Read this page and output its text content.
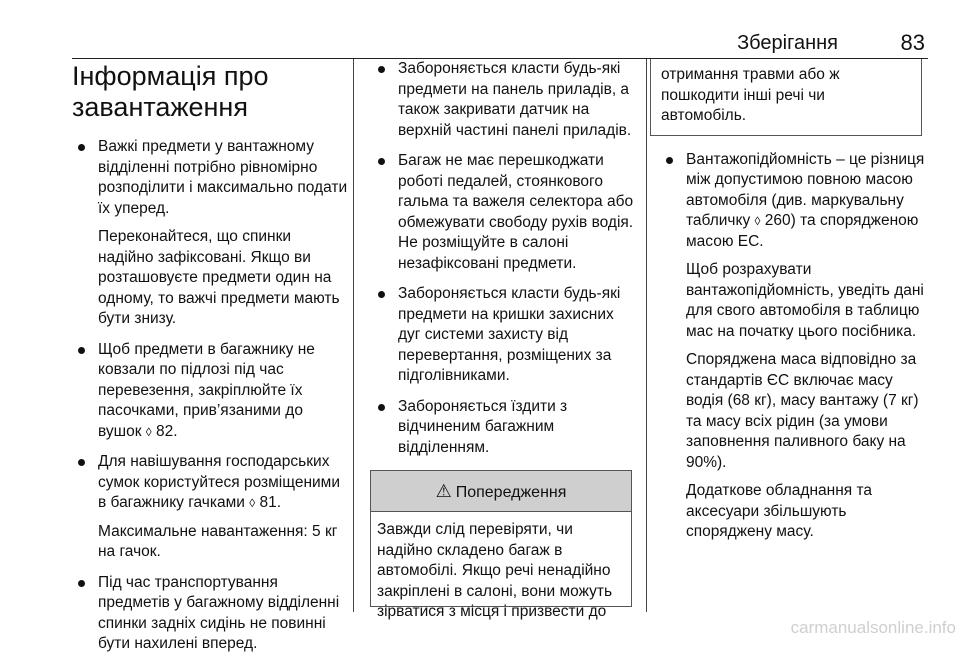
Зберігання	83
Інформація про завантаження

Важкі предмети у вантажному відділенні потрібно рівномірно розподілити і максимально подати їх уперед.

Переконайтеся, що спинки надійно зафіксовані. Якщо ви розташовуєте предмети один на одному, то важчі предмети мають бути знизу.

Щоб предмети в багажнику не ковзали по підлозі під час перевезення, закріплюйте їх пасочками, прив’язаними до вушок ◊ 82.

Для навішування господарських сумок користуйтеся розміщеними в багажнику гачками ◊ 81.

Максимальне навантаження: 5 кг на гачок.

Під час транспортування предметів у багажному відділенні спинки задніх сидінь не повинні бути нахилені вперед.

Забороняється класти будь-які предмети на панель приладів, а також закривати датчик на верхній частині панелі приладів.

Багаж не має перешкоджати роботі педалей, стоянкового гальма та важеля селектора або обмежувати свободу рухів водія. Не розміщуйте в салоні незафіксовані предмети.

Забороняється класти будь-які предмети на кришки захисних дуг системи захисту від перевертання, розміщених за підголівниками.

Забороняється їздити з відчиненим багажним відділенням.

⚠ Попередження
Завжди слід перевіряти, чи надійно складено багаж в автомобілі. Якщо речі ненадійно закріплені в салоні, вони можуть зірватися з місця і призвести до
отримання травми або ж пошкодити інші речі чи автомобіль.

Вантажопідйомність – це різниця між допустимою повною масою автомобіля (див. маркувальну табличку ◊ 260) та спорядженою масою ЕС.

Щоб розрахувати вантажопідйомність, уведіть дані для свого автомобіля в таблицю мас на початку цього посібника.

Споряджена маса відповідно за стандартів ЄС включає масу водія (68 кг), масу вантажу (7 кг) та масу всіх рідин (за умови заповнення паливного баку на 90%).

Додаткове обладнання та аксесуари збільшують споряджену масу.

carmanualsonline.info
